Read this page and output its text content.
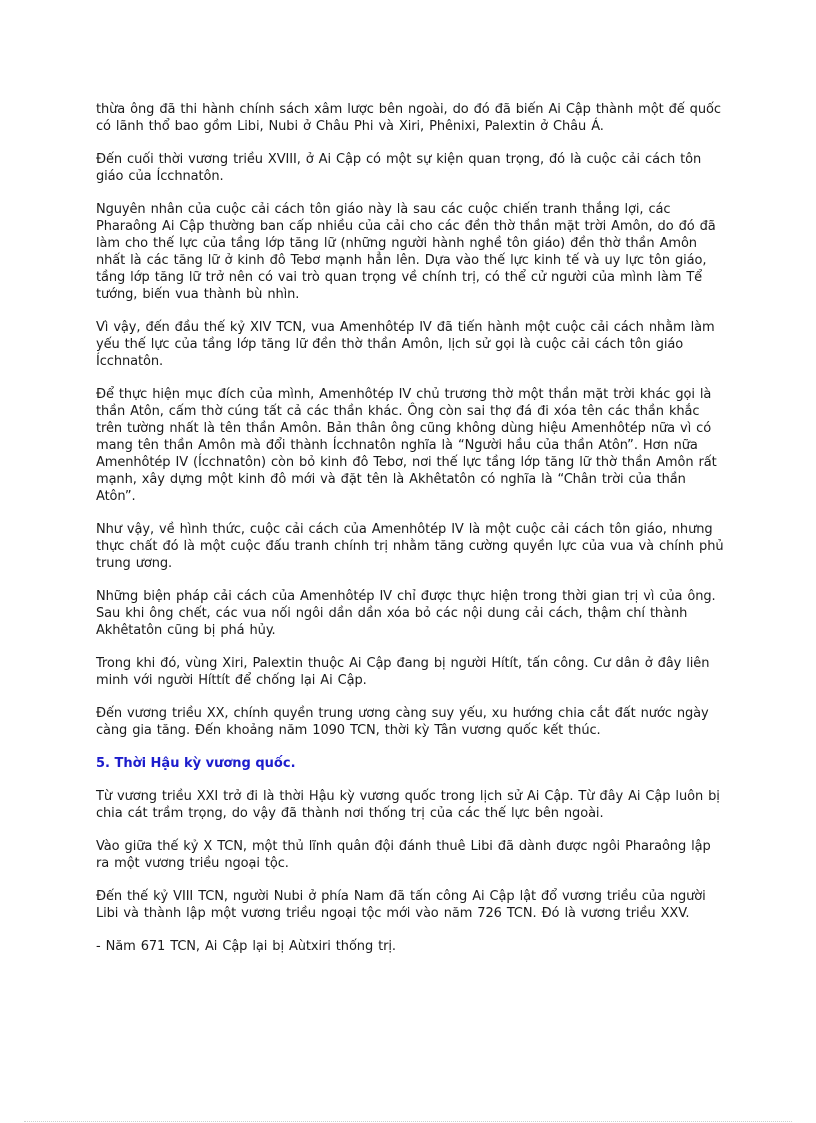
thừa ông đã thi hành chính sách xâm lược bên ngoài, do đó đã biến Ai Cập thành một đế quốc có lãnh thổ bao gồm Libi, Nubi ở Châu Phi và Xiri, Phênixi, Palextin ở Châu Á.

Đến cuối thời vương triều XVIII, ở Ai Cập có một sự kiện quan trọng, đó là cuộc cải cách tôn giáo của Ícchnatôn.

Nguyên nhân của cuộc cải cách tôn giáo này là sau các cuộc chiến tranh thắng lợi, các Pharaông Ai Cập thường ban cấp nhiều của cải cho các đền thờ thần mặt trời Amôn, do đó đã làm cho thế lực của tầng lớp tăng lữ (những người hành nghề tôn giáo) đền thờ thần Amôn nhất là các tăng lữ ở kinh đô Tebơ mạnh hẳn lên. Dựa vào thế lực kinh tế và uy lực tôn giáo, tầng lớp tăng lữ trở nên có vai trò quan trọng về chính trị, có thể cử người của mình làm Tể tướng, biến vua thành bù nhìn.

Vì vậy, đến đầu thế kỷ XIV TCN, vua Amenhôtép IV đã tiến hành một cuộc cải cách nhằm làm yếu thế lực của tầng lớp tăng lữ đền thờ thần Amôn, lịch sử gọi là cuộc cải cách tôn giáo Ícchnatôn.

Để thực hiện mục đích của mình, Amenhôtép IV chủ trương thờ một thần mặt trời khác gọi là thần Atôn, cấm thờ cúng tất cả các thần khác. Ông còn sai thợ đá đi xóa tên các thần khắc trên tường nhất là tên thần Amôn. Bản thân ông cũng không dùng hiệu Amenhôtép nữa vì có mang tên thần Amôn mà đổi thành Ícchnatôn nghĩa là “Người hầu của thần Atôn”. Hơn nữa Amenhôtép IV (Ícchnatôn) còn bỏ kinh đô Tebơ, nơi thế lực tầng lớp tăng lữ thờ thần Amôn rất mạnh, xây dựng một kinh đô mới và đặt tên là Akhêtatôn có nghĩa là “Chân trời của thần Atôn”.

Như vậy, về hình thức, cuộc cải cách của Amenhôtép IV là một cuộc cải cách tôn giáo, nhưng thực chất đó là một cuộc đấu tranh chính trị nhằm tăng cường quyền lực của vua và chính phủ trung ương.

Những biện pháp cải cách của Amenhôtép IV chỉ được thực hiện trong thời gian trị vì của ông. Sau khi ông chết, các vua nối ngôi dần dần xóa bỏ các nội dung cải cách, thậm chí thành Akhêtatôn cũng bị phá hủy.

Trong khi đó, vùng Xiri, Palextin thuộc Ai Cập đang bị người Hítít, tấn công. Cư dân ở đây liên minh với người Híttít để chống lại Ai Cập.

Đến vương triều XX, chính quyền trung ương càng suy yếu, xu hướng chia cắt đất nước ngày càng gia tăng. Đến khoảng năm 1090 TCN, thời kỳ Tân vương quốc kết thúc.

5. Thời Hậu kỳ vương quốc.

Từ vương triều XXI trở đi là thời Hậu kỳ vương quốc trong lịch sử Ai Cập. Từ đây Ai Cập luôn bị chia cát trầm trọng, do vậy đã thành nơi thống trị của các thế lực bên ngoài.

Vào giữa thế kỷ X TCN, một thủ lĩnh quân đội đánh thuê Libi đã dành được ngôi Pharaông lập ra một vương triều ngoại tộc.

Đến thế kỷ VIII TCN, người Nubi ở phía Nam đã tấn công Ai Cập lật đổ vương triều của người Libi và thành lập một vương triều ngoại tộc mới vào năm 726 TCN. Đó là vương triều XXV.

- Năm 671 TCN, Ai Cập lại bị Aùtxiri thống trị.
